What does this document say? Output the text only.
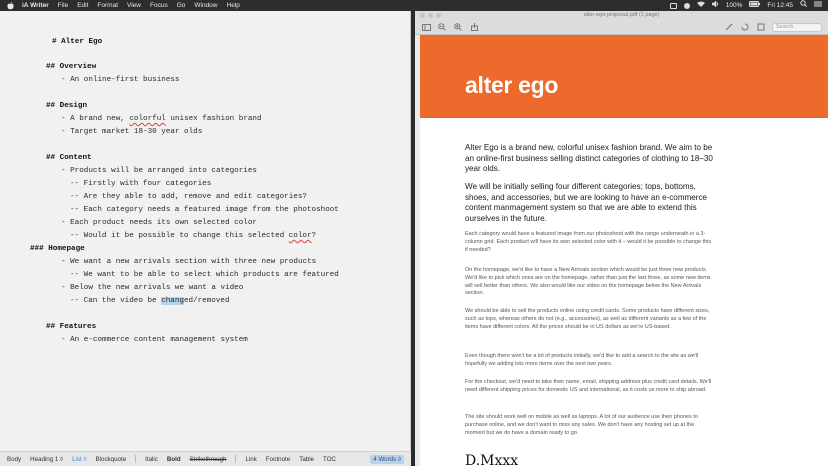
iA Writer File Edit Format View Focus Go Window Help	100%	Fri 12:45
# Alter Ego
## Overview
- An online-first business
## Design
- A brand new, colorful unisex fashion brand
- Target market 18-30 year olds
## Content
- Products will be arranged into categories
-- Firstly with four categories
-- Are they able to add, remove and edit categories?
-- Each category needs a featured image from the photoshoot
- Each product needs its own selected color
-- Would it be possible to change this selected color?
### Homepage
- We want a new arrivals section with three new products
-- We want to be able to select which products are featured
- Below the new arrivals we want a video
-- Can the video be changed/removed
## Features
- An e-commerce content management system
Body Heading 1 ◊ List ◊ Blockquote	Italic Bold Strikethrough	Link Footnote Table TOC	4 Words ◊
alter-ego-proposal.pdf (1 page)
Search
alter ego
Alter Ego is a brand new, colorful unisex fashion brand. We aim to be an online-first business selling distinct categories of clothing to 18–30 year olds.
We will be initially selling four different categories; tops, bottoms, shoes, and accessories, but we are looking to have an e-commerce content manmagement system so that we are able to extend this ourselves in the future.
Each category would have a featured image from our photoshoot with the range underneath in a 3-column grid. Each product will have its own selected color with it – would it be possible to change this if needed?
On the homepage, we'd like to have a New Arrivals section which would be just three new products. We'd like to pick which ones are on the homepage, rather than just the last three, as some new items will sell better than others. We also would like our video on the homepage below the New Arrivals section.
We should be able to sell the products online using credit cards. Some products have different sizes, such as tops, whereas others do not (e.g., accessories), as well as different variants as a few of the items have different colors. All the prices should be in US dollars as we're US-based.
Even though there won't be a lot of products initially, we'd like to add a search to the site as we'll hopefully we adding lots more items over the next two years.
For the checkout, we'd need to take their name, email, shipping address plus credit card details. We'll need different shipping prices for domestic US and international, as it costs us more to ship abroad.
The site should work well on mobile as well as laptops. A lot of our audience use their phones to purchase online, and we don't want to miss any sales. We don't have any hosting set up at the moment but we do have a domain ready to go.
D.Mxxx
